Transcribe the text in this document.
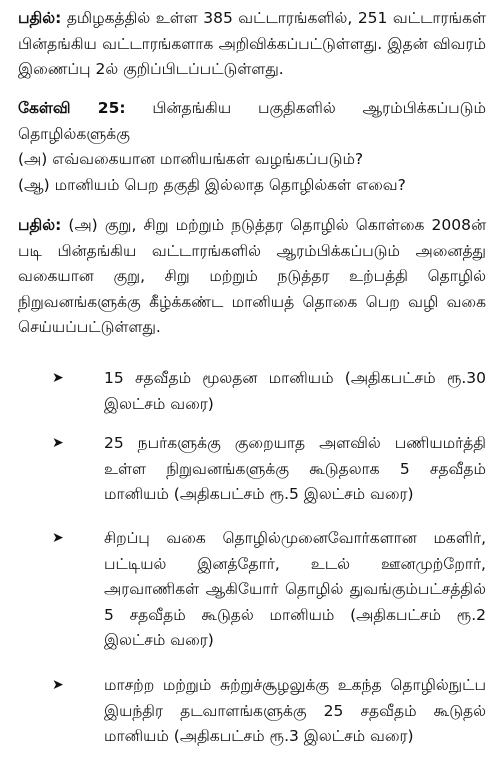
பதில்: தமிழகத்தில் உள்ள 385 வட்டாரங்களில், 251 வட்டாரங்கள் பின்தங்கிய வட்டாரங்களாக அறிவிக்கப்பட்டுள்ளது. இதன் விவரம் இணைப்பு 2ல் குறிப்பிடப்பட்டுள்ளது.

கேள்வி 25: பின்தங்கிய பகுதிகளில் ஆரம்பிக்கப்படும் தொழில்களுக்கு

(அ) எவ்வகையான மானியங்கள் வழங்கப்படும்?

(ஆ) மானியம் பெற தகுதி இல்லாத தொழில்கள் எவை?

பதில்: (அ) குறு, சிறு மற்றும் நடுத்தர தொழில் கொள்கை 2008ன் படி பின்தங்கிய வட்டாரங்களில் ஆரம்பிக்கப்படும் அனைத்து வகையான குறு, சிறு மற்றும் நடுத்தர உற்பத்தி தொழில் நிறுவனங்களுக்கு கீழ்க்கண்ட மானியத் தொகை பெற வழி வகை செய்யப்பட்டுள்ளது.

➤	15 சதவீதம் மூலதன மானியம் (அதிகபட்சம் ரூ.30 இலட்சம் வரை)
➤	25 நபர்களுக்கு குறையாத அளவில் பணியமர்த்தி உள்ள நிறுவனங்களுக்கு கூடுதலாக 5 சதவீதம் மானியம் (அதிகபட்சம் ரூ.5 இலட்சம் வரை)
➤	சிறப்பு வகை தொழில்முனைவோர்களான மகளிர், பட்டியல் இனத்தோர், உடல் ஊனமுற்றோர், அரவாணிகள் ஆகியோர் தொழில் துவங்கும்பட்சத்தில் 5 சதவீதம் கூடுதல் மானியம் (அதிகபட்சம் ரூ.2 இலட்சம் வரை)
➤	மாசற்ற மற்றும் சுற்றுச்சூழலுக்கு உகந்த தொழில்நுட்ப இயந்திர தடவாளங்களுக்கு 25 சதவீதம் கூடுதல் மானியம் (அதிகபட்சம் ரூ.3 இலட்சம் வரை)
